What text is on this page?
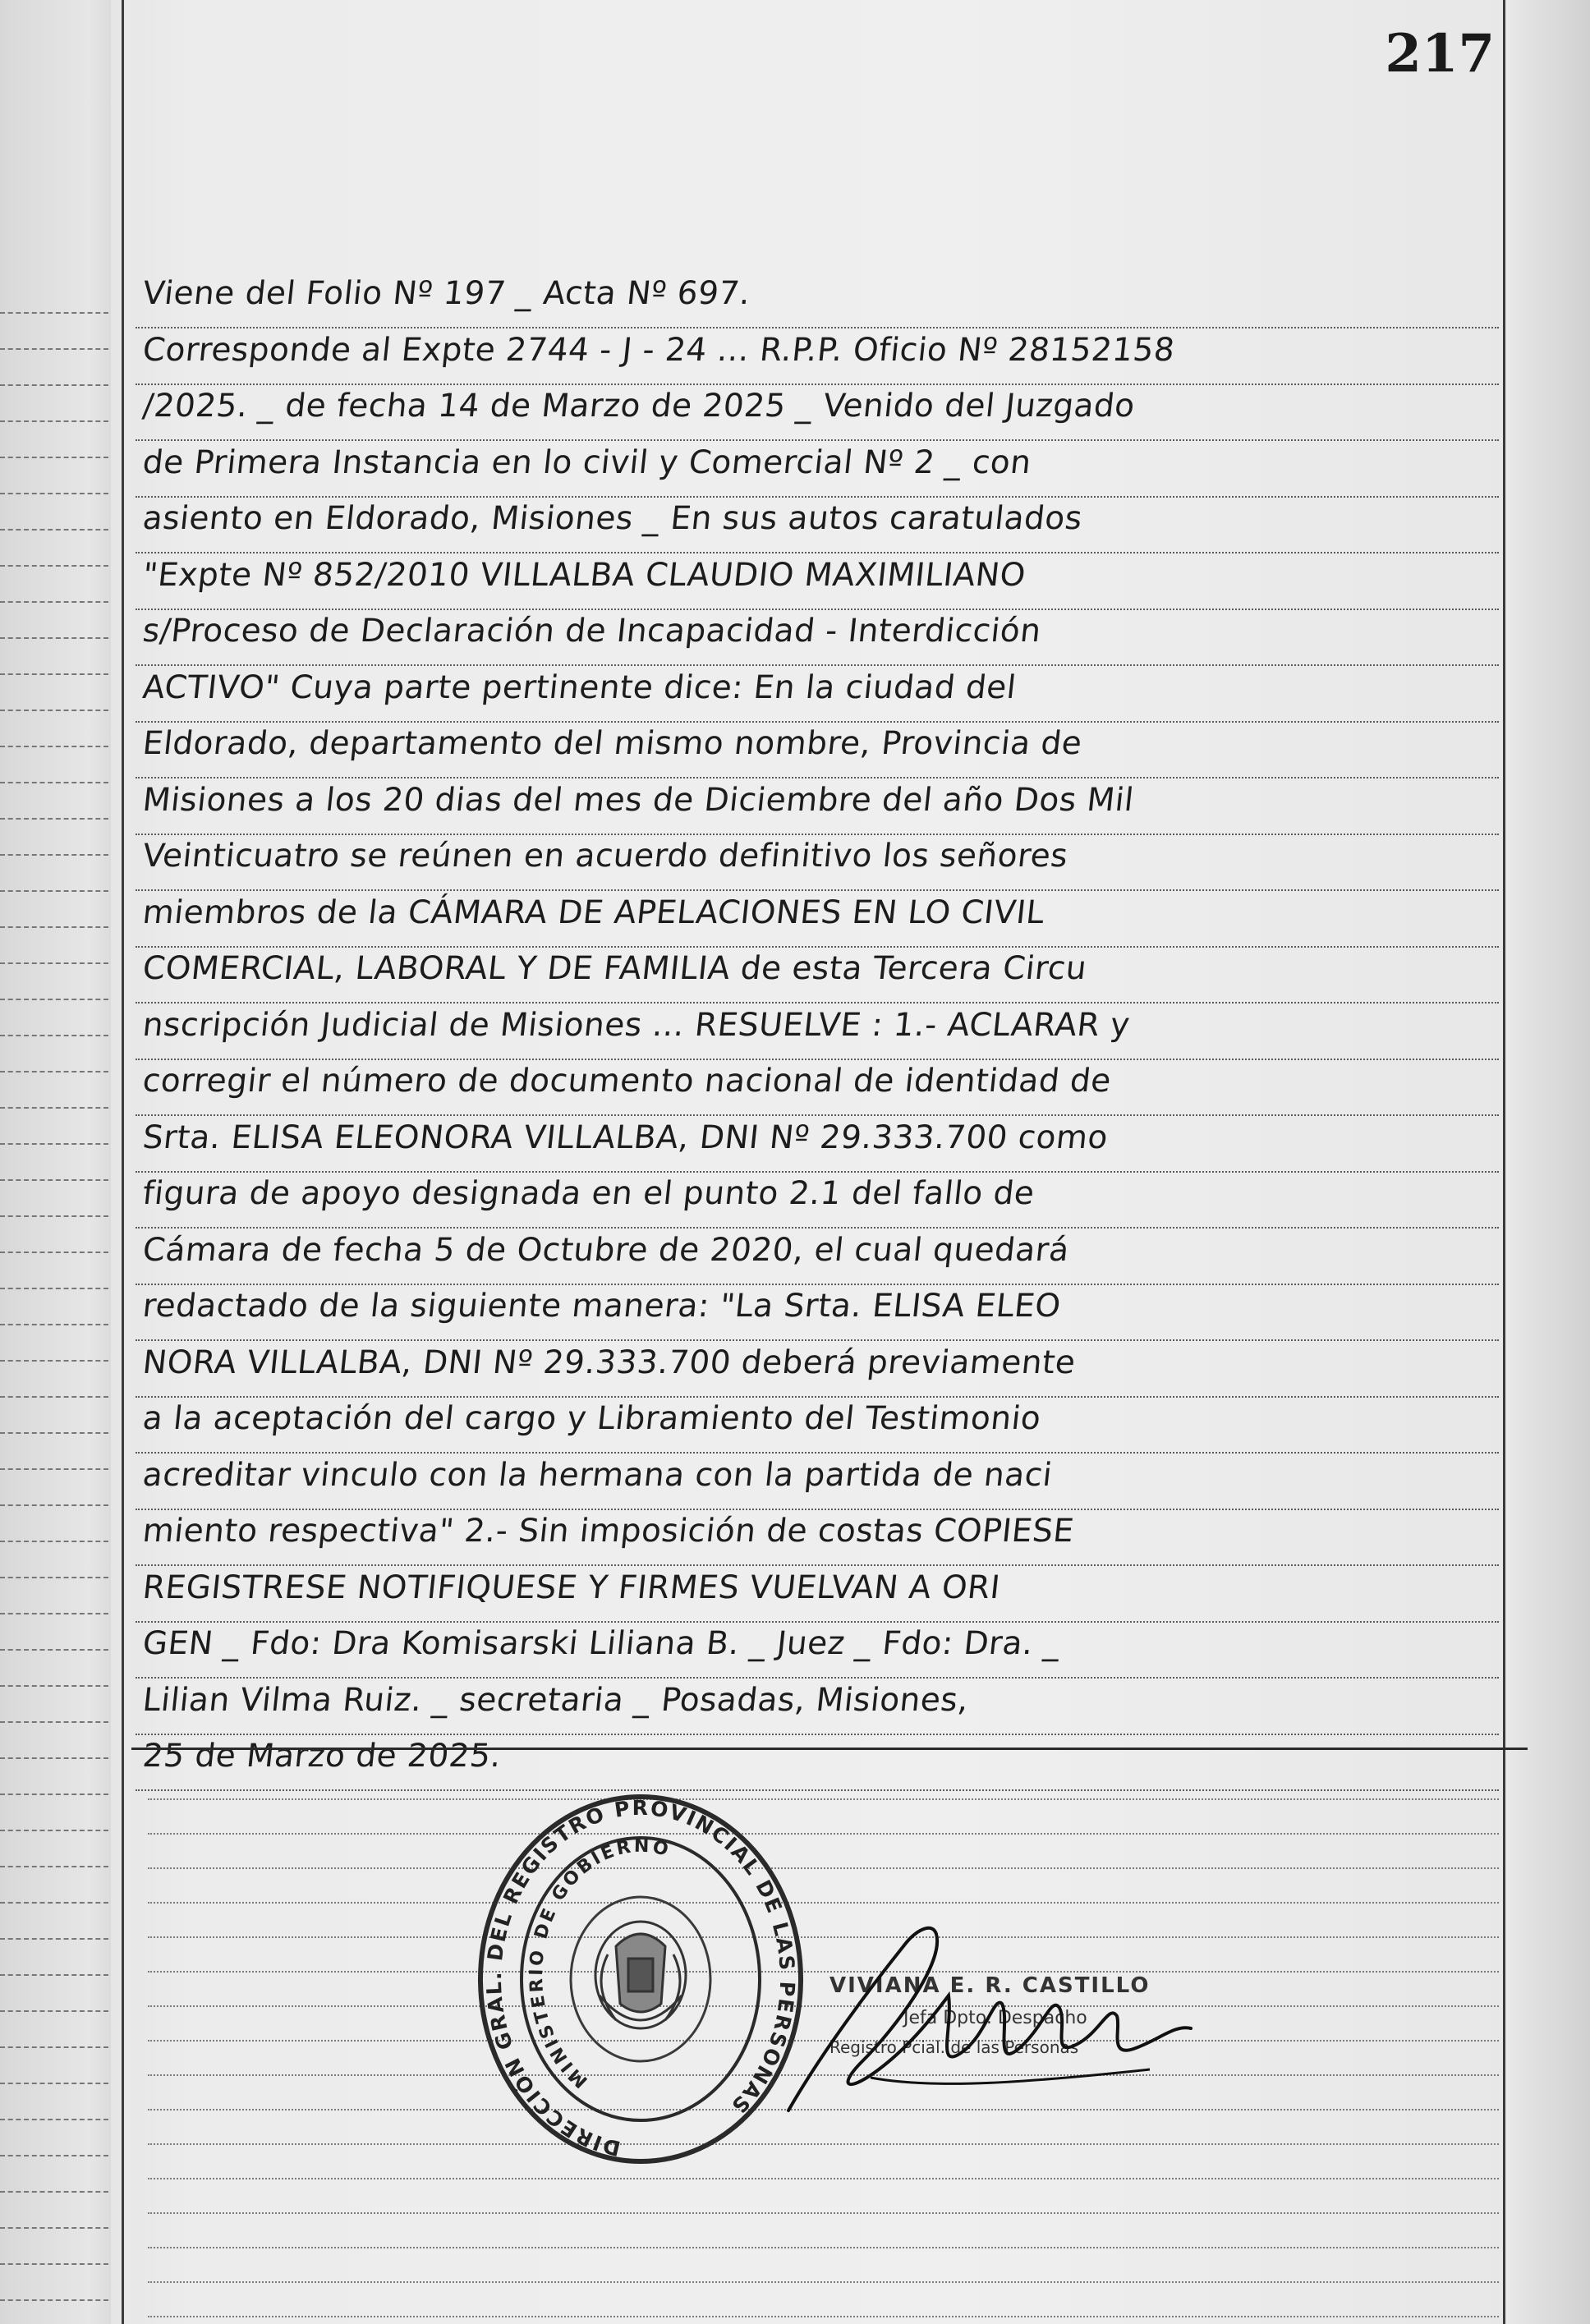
217
Viene del Folio Nº 197 _ Acta Nº 697.
Corresponde al Expte 2744 - J - 24 ... R.P.P. Oficio Nº 28152158
/2025. _ de fecha 14 de Marzo de 2025 _ Venido del Juzgado
de Primera Instancia en lo civil y Comercial Nº 2 _ con
asiento en Eldorado, Misiones _ En sus autos caratulados
"Expte Nº 852/2010 VILLALBA CLAUDIO MAXIMILIANO
s/Proceso de Declaración de Incapacidad - Interdicción
ACTIVO" Cuya parte pertinente dice: En la ciudad del
Eldorado, departamento del mismo nombre, Provincia de
Misiones a los 20 dias del mes de Diciembre del año Dos Mil
Veinticuatro se reúnen en acuerdo definitivo los señores
miembros de la CÁMARA DE APELACIONES EN LO CIVIL
COMERCIAL, LABORAL Y DE FAMILIA de esta Tercera Circu
nscripción Judicial de Misiones ... RESUELVE : 1.- ACLARAR y
corregir el número de documento nacional de identidad de
Srta. ELISA ELEONORA VILLALBA, DNI Nº 29.333.700 como
figura de apoyo designada en el punto 2.1 del fallo de
Cámara de fecha 5 de Octubre de 2020, el cual quedará
redactado de la siguiente manera: "La Srta. ELISA ELEO
NORA VILLALBA, DNI Nº 29.333.700 deberá previamente
a la aceptación del cargo y Libramiento del Testimonio
acreditar vinculo con la hermana con la partida de naci
miento respectiva" 2.- Sin imposición de costas COPIESE
REGISTRESE NOTIFIQUESE Y FIRMES VUELVAN A ORI
GEN _ Fdo: Dra Komisarski Liliana B. _ Juez _ Fdo: Dra. _
Lilian Vilma Ruiz. _ secretaria _ Posadas, Misiones,
25 de Marzo de 2025.
DIRECCIÓN GRAL. DEL REGISTRO PROVINCIAL DE LAS PERSONAS
MINISTERIO DE GOBIERNO
VIVIANA E. R. CASTILLO
Jefa Dpto. Despacho
Registro Pcial. de las Personas
